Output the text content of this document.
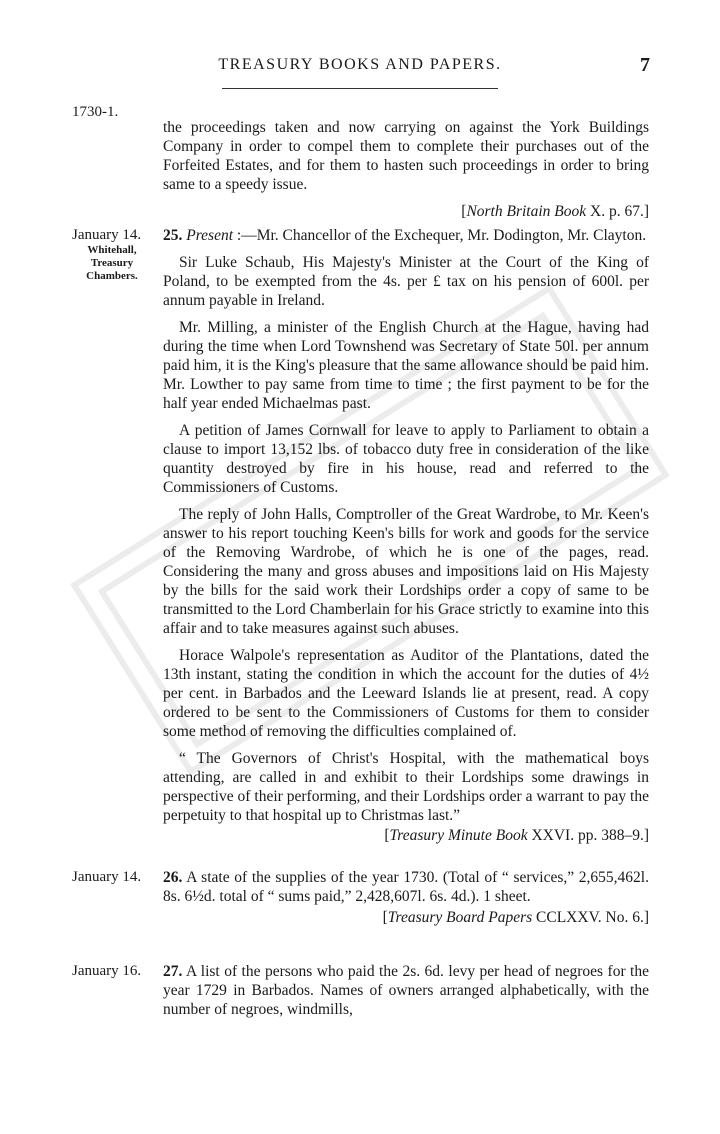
TREASURY BOOKS AND PAPERS.	7
1730-1.

the proceedings taken and now carrying on against the York Buildings Company in order to compel them to complete their purchases out of the Forfeited Estates, and for them to hasten such proceedings in order to bring same to a speedy issue.

[North Britain Book X. p. 67.]
January 14.
Whitehall,
Treasury
Chambers.

25. Present :—Mr. Chancellor of the Exchequer, Mr. Dodington, Mr. Clayton.

Sir Luke Schaub, His Majesty's Minister at the Court of the King of Poland, to be exempted from the 4s. per £ tax on his pension of 600l. per annum payable in Ireland.

Mr. Milling, a minister of the English Church at the Hague, having had during the time when Lord Townshend was Secretary of State 50l. per annum paid him, it is the King's pleasure that the same allowance should be paid him. Mr. Lowther to pay same from time to time ; the first payment to be for the half year ended Michaelmas past.

A petition of James Cornwall for leave to apply to Parliament to obtain a clause to import 13,152 lbs. of tobacco duty free in consideration of the like quantity destroyed by fire in his house, read and referred to the Commissioners of Customs.

The reply of John Halls, Comptroller of the Great Wardrobe, to Mr. Keen's answer to his report touching Keen's bills for work and goods for the service of the Removing Wardrobe, of which he is one of the pages, read. Considering the many and gross abuses and impositions laid on His Majesty by the bills for the said work their Lordships order a copy of same to be transmitted to the Lord Chamberlain for his Grace strictly to examine into this affair and to take measures against such abuses.

Horace Walpole's representation as Auditor of the Plantations, dated the 13th instant, stating the condition in which the account for the duties of 4½ per cent. in Barbados and the Leeward Islands lie at present, read. A copy ordered to be sent to the Commissioners of Customs for them to consider some method of removing the difficulties complained of.

“ The Governors of Christ's Hospital, with the mathematical boys attending, are called in and exhibit to their Lordships some drawings in perspective of their performing, and their Lordships order a warrant to pay the perpetuity to that hospital up to Christmas last.”

[Treasury Minute Book XXVI. pp. 388–9.]
January 14.	26. A state of the supplies of the year 1730. (Total of “ services,” 2,655,462l. 8s. 6½d. total of “ sums paid,” 2,428,607l. 6s. 4d.). 1 sheet.

[Treasury Board Papers CCLXXV. No. 6.]
January 16.	27. A list of the persons who paid the 2s. 6d. levy per head of negroes for the year 1729 in Barbados. Names of owners arranged alphabetically, with the number of negroes, windmills,
